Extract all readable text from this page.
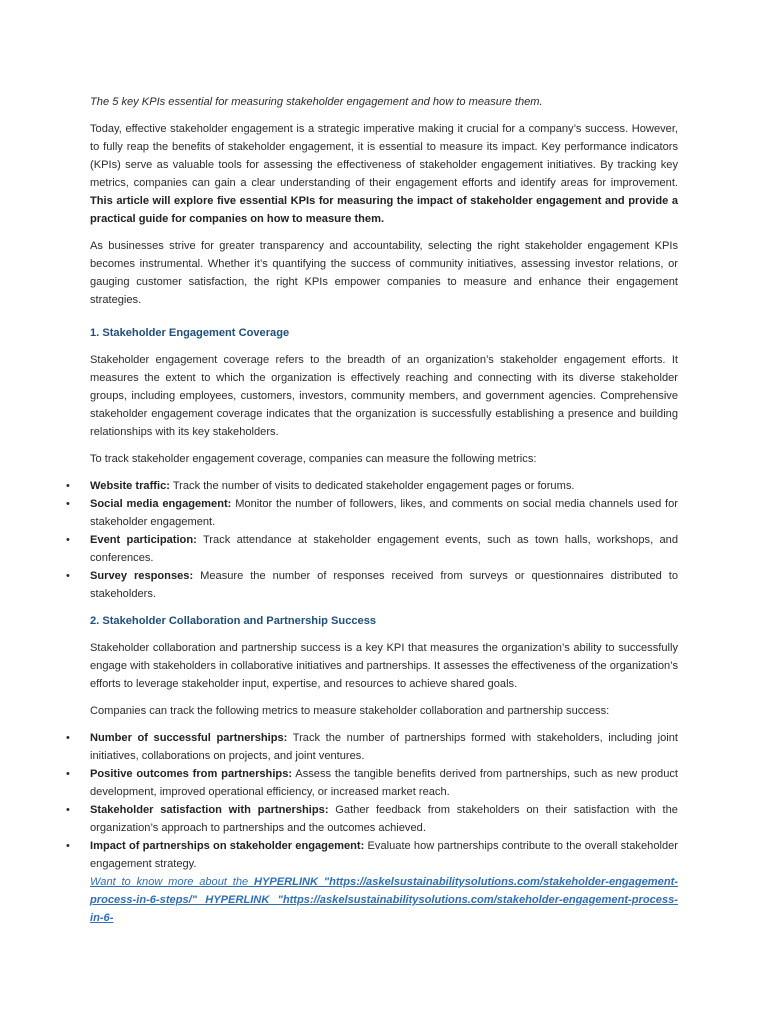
The 5 key KPIs essential for measuring stakeholder engagement and how to measure them.

Today, effective stakeholder engagement is a strategic imperative making it crucial for a company’s success. However, to fully reap the benefits of stakeholder engagement, it is essential to measure its impact. Key performance indicators (KPIs) serve as valuable tools for assessing the effectiveness of stakeholder engagement initiatives. By tracking key metrics, companies can gain a clear understanding of their engagement efforts and identify areas for improvement. This article will explore five essential KPIs for measuring the impact of stakeholder engagement and provide a practical guide for companies on how to measure them.

As businesses strive for greater transparency and accountability, selecting the right stakeholder engagement KPIs becomes instrumental. Whether it’s quantifying the success of community initiatives, assessing investor relations, or gauging customer satisfaction, the right KPIs empower companies to measure and enhance their engagement strategies.

1. Stakeholder Engagement Coverage

Stakeholder engagement coverage refers to the breadth of an organization’s stakeholder engagement efforts. It measures the extent to which the organization is effectively reaching and connecting with its diverse stakeholder groups, including employees, customers, investors, community members, and government agencies. Comprehensive stakeholder engagement coverage indicates that the organization is successfully establishing a presence and building relationships with its key stakeholders.

To track stakeholder engagement coverage, companies can measure the following metrics:

• Website traffic: Track the number of visits to dedicated stakeholder engagement pages or forums.
• Social media engagement: Monitor the number of followers, likes, and comments on social media channels used for stakeholder engagement.
• Event participation: Track attendance at stakeholder engagement events, such as town halls, workshops, and conferences.
• Survey responses: Measure the number of responses received from surveys or questionnaires distributed to stakeholders.
2. Stakeholder Collaboration and Partnership Success

Stakeholder collaboration and partnership success is a key KPI that measures the organization’s ability to successfully engage with stakeholders in collaborative initiatives and partnerships. It assesses the effectiveness of the organization’s efforts to leverage stakeholder input, expertise, and resources to achieve shared goals.

Companies can track the following metrics to measure stakeholder collaboration and partnership success:

• Number of successful partnerships: Track the number of partnerships formed with stakeholders, including joint initiatives, collaborations on projects, and joint ventures.
• Positive outcomes from partnerships: Assess the tangible benefits derived from partnerships, such as new product development, improved operational efficiency, or increased market reach.
• Stakeholder satisfaction with partnerships: Gather feedback from stakeholders on their satisfaction with the organization’s approach to partnerships and the outcomes achieved.
• Impact of partnerships on stakeholder engagement: Evaluate how partnerships contribute to the overall stakeholder engagement strategy.
Want to know more about the HYPERLINK "https://askelsustainabilitysolutions.com/stakeholder-engagement-process-in-6-steps/" HYPERLINK "https://askelsustainabilitysolutions.com/stakeholder-engagement-process-in-6-
